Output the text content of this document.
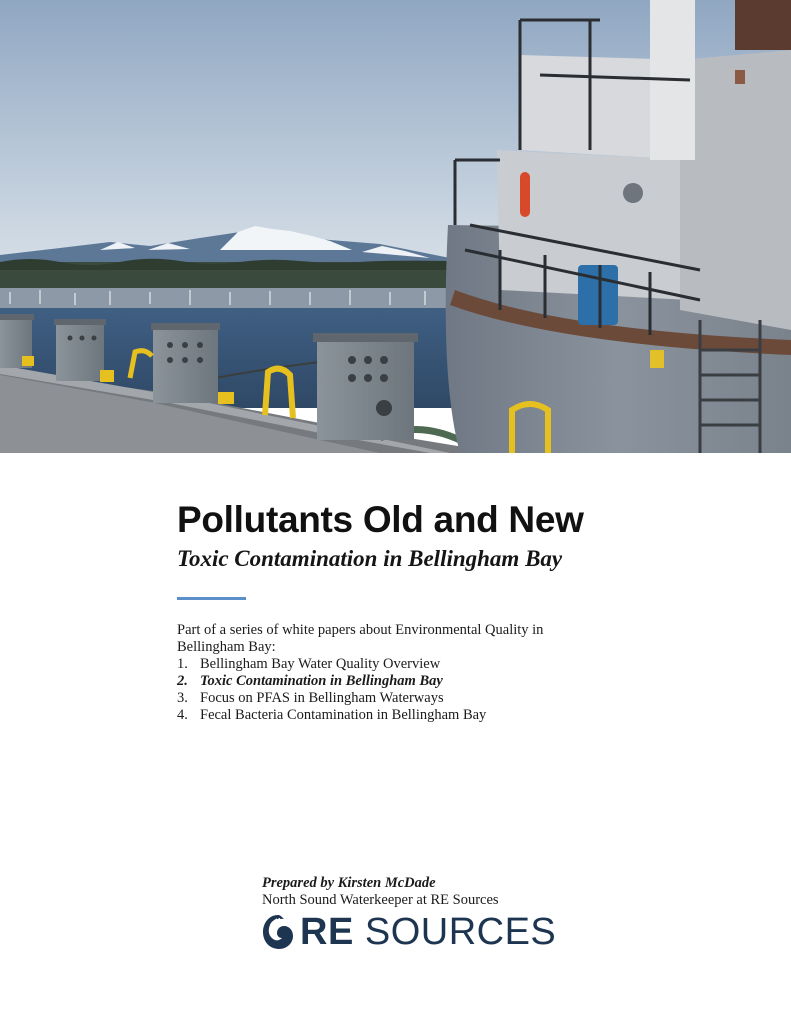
Pollutants Old and New
Toxic Contamination in Bellingham Bay

Part of a series of white papers about Environmental Quality in Bellingham Bay:

1. Bellingham Bay Water Quality Overview
2. Toxic Contamination in Bellingham Bay
3. Focus on PFAS in Bellingham Waterways
4. Fecal Bacteria Contamination in Bellingham Bay
Prepared by Kirsten McDade
North Sound Waterkeeper at RE Sources
RE SOURCES
